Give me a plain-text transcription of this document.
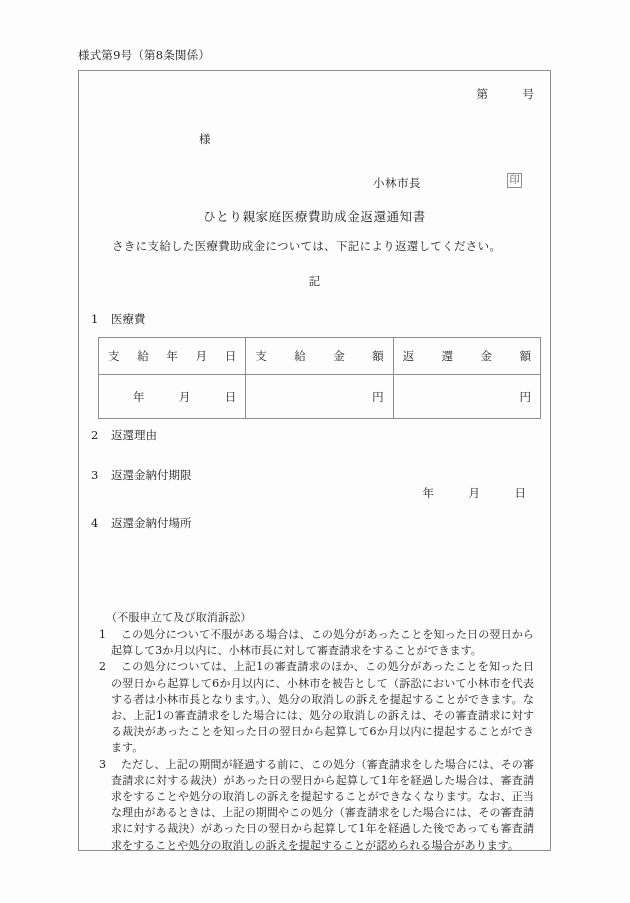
様式第9号（第8条関係）
第　　　号
様
小林市長	印
ひとり親家庭医療費助成金返還通知書
さきに支給した医療費助成金については、下記により返還してください。
記
1 医療費
支給年月日	支給金額	返還金額
年　　　月　　　日	円	円
2 返還理由
3 返還金納付期限
年　　　月　　　日
4 返還金納付場所
（不服申立て及び取消訴訟）
1	この処分について不服がある場合は、この処分があったことを知った日の翌日から起算して3か月以内に、小林市長に対して審査請求をすることができます。
2	この処分については、上記1の審査請求のほか、この処分があったことを知った日の翌日から起算して6か月以内に、小林市を被告として（訴訟において小林市を代表する者は小林市長となります。）、処分の取消しの訴えを提起することができます。なお、上記1の審査請求をした場合には、処分の取消しの訴えは、その審査請求に対する裁決があったことを知った日の翌日から起算して6か月以内に提起することができます。
3	ただし、上記の期間が経過する前に、この処分（審査請求をした場合には、その審査請求に対する裁決）があった日の翌日から起算して1年を経過した場合は、審査請求をすることや処分の取消しの訴えを提起することができなくなります。なお、正当な理由があるときは、上記の期間やこの処分（審査請求をした場合には、その審査請求に対する裁決）があった日の翌日から起算して1年を経過した後であっても審査請求をすることや処分の取消しの訴えを提起することが認められる場合があります。
